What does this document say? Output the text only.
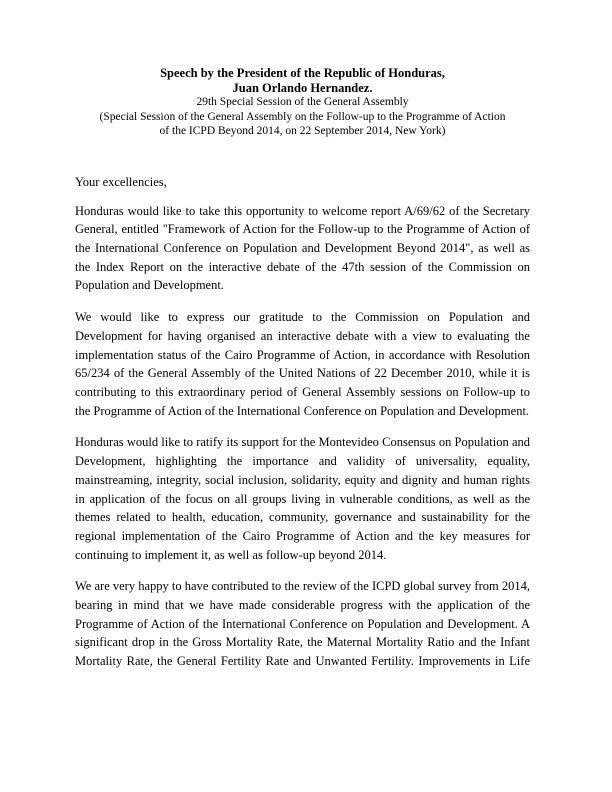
Speech by the President of the Republic of Honduras,
Juan Orlando Hernandez.
29th Special Session of the General Assembly
(Special Session of the General Assembly on the Follow-up to the Programme of Action
of the ICPD Beyond 2014, on 22 September 2014, New York)

Your excellencies,

Honduras would like to take this opportunity to welcome report A/69/62 of the Secretary General, entitled "Framework of Action for the Follow-up to the Programme of Action of the International Conference on Population and Development Beyond 2014", as well as the Index Report on the interactive debate of the 47th session of the Commission on Population and Development.

We would like to express our gratitude to the Commission on Population and Development for having organised an interactive debate with a view to evaluating the implementation status of the Cairo Programme of Action, in accordance with Resolution 65/234 of the General Assembly of the United Nations of 22 December 2010, while it is contributing to this extraordinary period of General Assembly sessions on Follow-up to the Programme of Action of the International Conference on Population and Development.

Honduras would like to ratify its support for the Montevideo Consensus on Population and Development, highlighting the importance and validity of universality, equality, mainstreaming, integrity, social inclusion, solidarity, equity and dignity and human rights in application of the focus on all groups living in vulnerable conditions, as well as the themes related to health, education, community, governance and sustainability for the regional implementation of the Cairo Programme of Action and the key measures for continuing to implement it, as well as follow-up beyond 2014.

We are very happy to have contributed to the review of the ICPD global survey from 2014, bearing in mind that we have made considerable progress with the application of the Programme of Action of the International Conference on Population and Development. A significant drop in the Gross Mortality Rate, the Maternal Mortality Ratio and the Infant Mortality Rate, the General Fertility Rate and Unwanted Fertility. Improvements in Life
